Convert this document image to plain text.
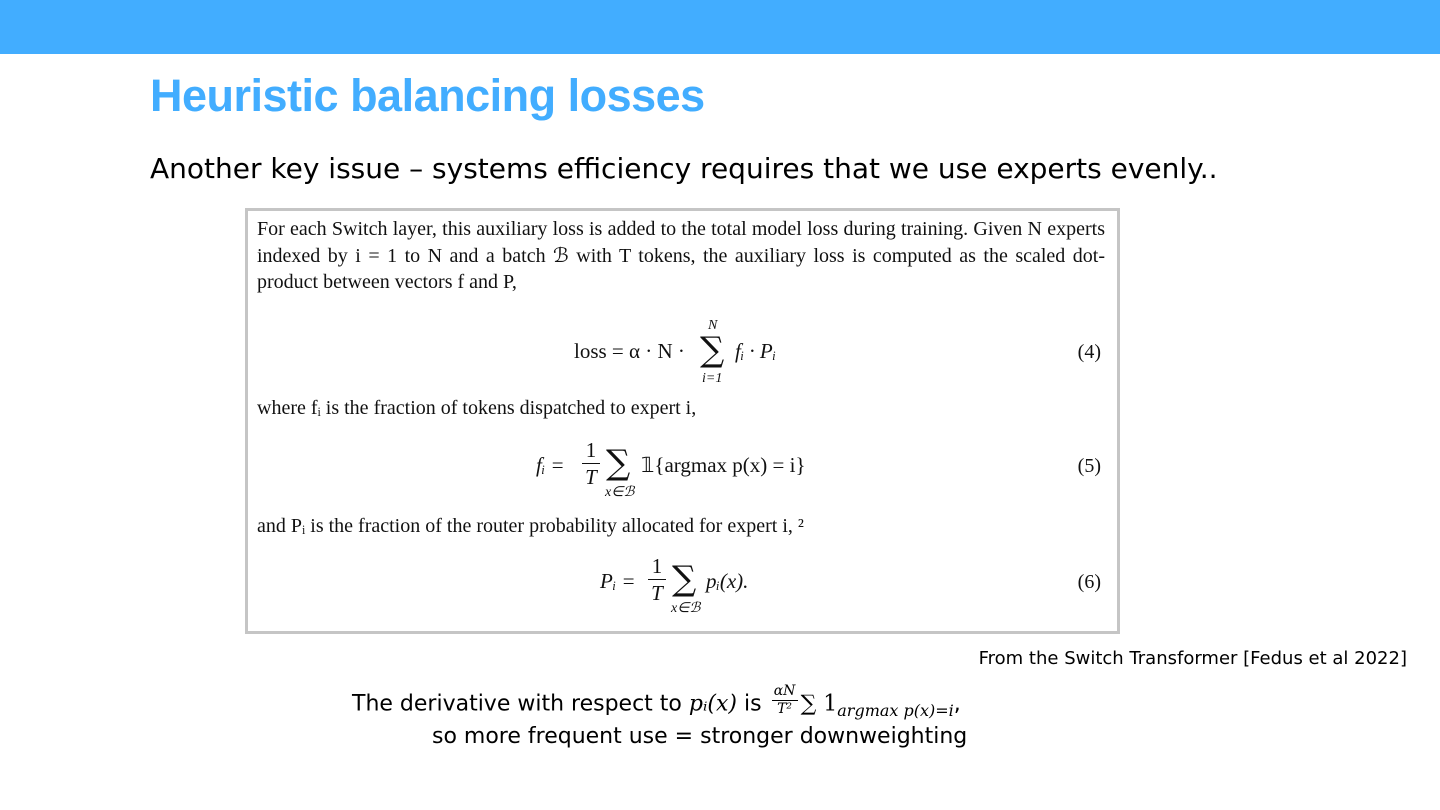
Heuristic balancing losses

Another key issue – systems efficiency requires that we use experts evenly..

For each Switch layer, this auxiliary loss is added to the total model loss during training. Given N experts indexed by i = 1 to N and a batch ℬ with T tokens, the auxiliary loss is computed as the scaled dot-product between vectors f and P,

loss = α · N ·
N
∑
i=1
fᵢ · Pᵢ	(4)

where fᵢ is the fraction of tokens dispatched to expert i,

fᵢ =
1
T ∑
x∈ℬ
𝟙{argmax p(x) = i}	(5)

and Pᵢ is the fraction of the router probability allocated for expert i, ²

Pᵢ =
1
T ∑
x∈ℬ
pᵢ(x).	(6)

From the Switch Transformer [Fedus et al 2022]

The derivative with respect to pᵢ(x) is $\frac{\alpha N}{\text{T²}}$ ∑ $1_{argmax p(x)=i}$,
so more frequent use = stronger downweighting
